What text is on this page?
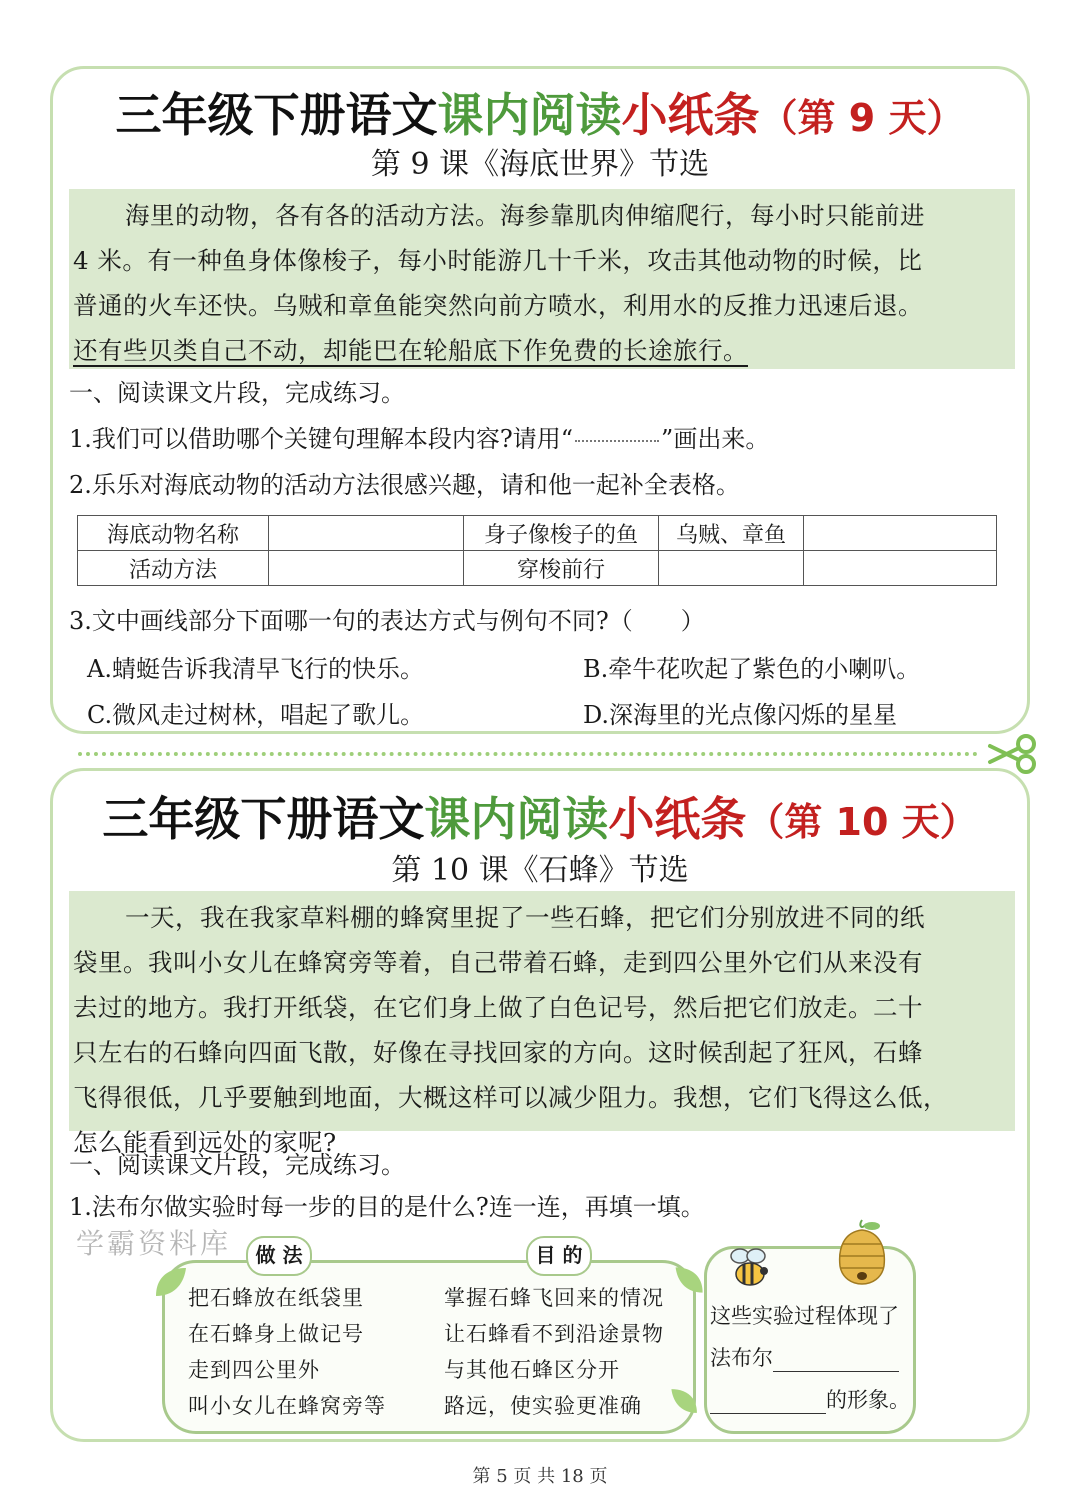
三年级下册语文课内阅读小纸条（第 9 天）
第 9 课《海底世界》节选
海里的动物，各有各的活动方法。海参靠肌肉伸缩爬行，每小时只能前进
4 米。有一种鱼身体像梭子，每小时能游几十千米，攻击其他动物的时候，比
普通的火车还快。乌贼和章鱼能突然向前方喷水，利用水的反推力迅速后退。
还有些贝类自己不动，却能巴在轮船底下作免费的长途旅行。
一、阅读课文片段，完成练习。
1.我们可以借助哪个关键句理解本段内容?请用“	”画出来。
2.乐乐对海底动物的活动方法很感兴趣，请和他一起补全表格。
海底动物名称		身子像梭子的鱼	乌贼、章鱼	
活动方法		穿梭前行		
3.文中画线部分下面哪一句的表达方式与例句不同?（　　）
A.蜻蜓告诉我清早飞行的快乐。	B.牵牛花吹起了紫色的小喇叭。
C.微风走过树林，唱起了歌儿。	D.深海里的光点像闪烁的星星
三年级下册语文课内阅读小纸条（第 10 天）
第 10 课《石蜂》节选
一天，我在我家草料棚的蜂窝里捉了一些石蜂，把它们分别放进不同的纸
袋里。我叫小女儿在蜂窝旁等着，自己带着石蜂，走到四公里外它们从来没有
去过的地方。我打开纸袋，在它们身上做了白色记号，然后把它们放走。二十
只左右的石蜂向四面飞散，好像在寻找回家的方向。这时候刮起了狂风，石蜂
飞得很低，几乎要触到地面，大概这样可以减少阻力。我想，它们飞得这么低，
怎么能看到远处的家呢?
一、阅读课文片段，完成练习。
1.法布尔做实验时每一步的目的是什么?连一连，再填一填。
学霸资料库	做 法	目 的
把石蜂放在纸袋里
在石蜂身上做记号
走到四公里外
叫小女儿在蜂窝旁等
掌握石蜂飞回来的情况
让石蜂看不到沿途景物
与其他石蜂区分开
路远，使实验更准确
这些实验过程体现了
法布尔
的形象。
第 5 页 共 18 页
